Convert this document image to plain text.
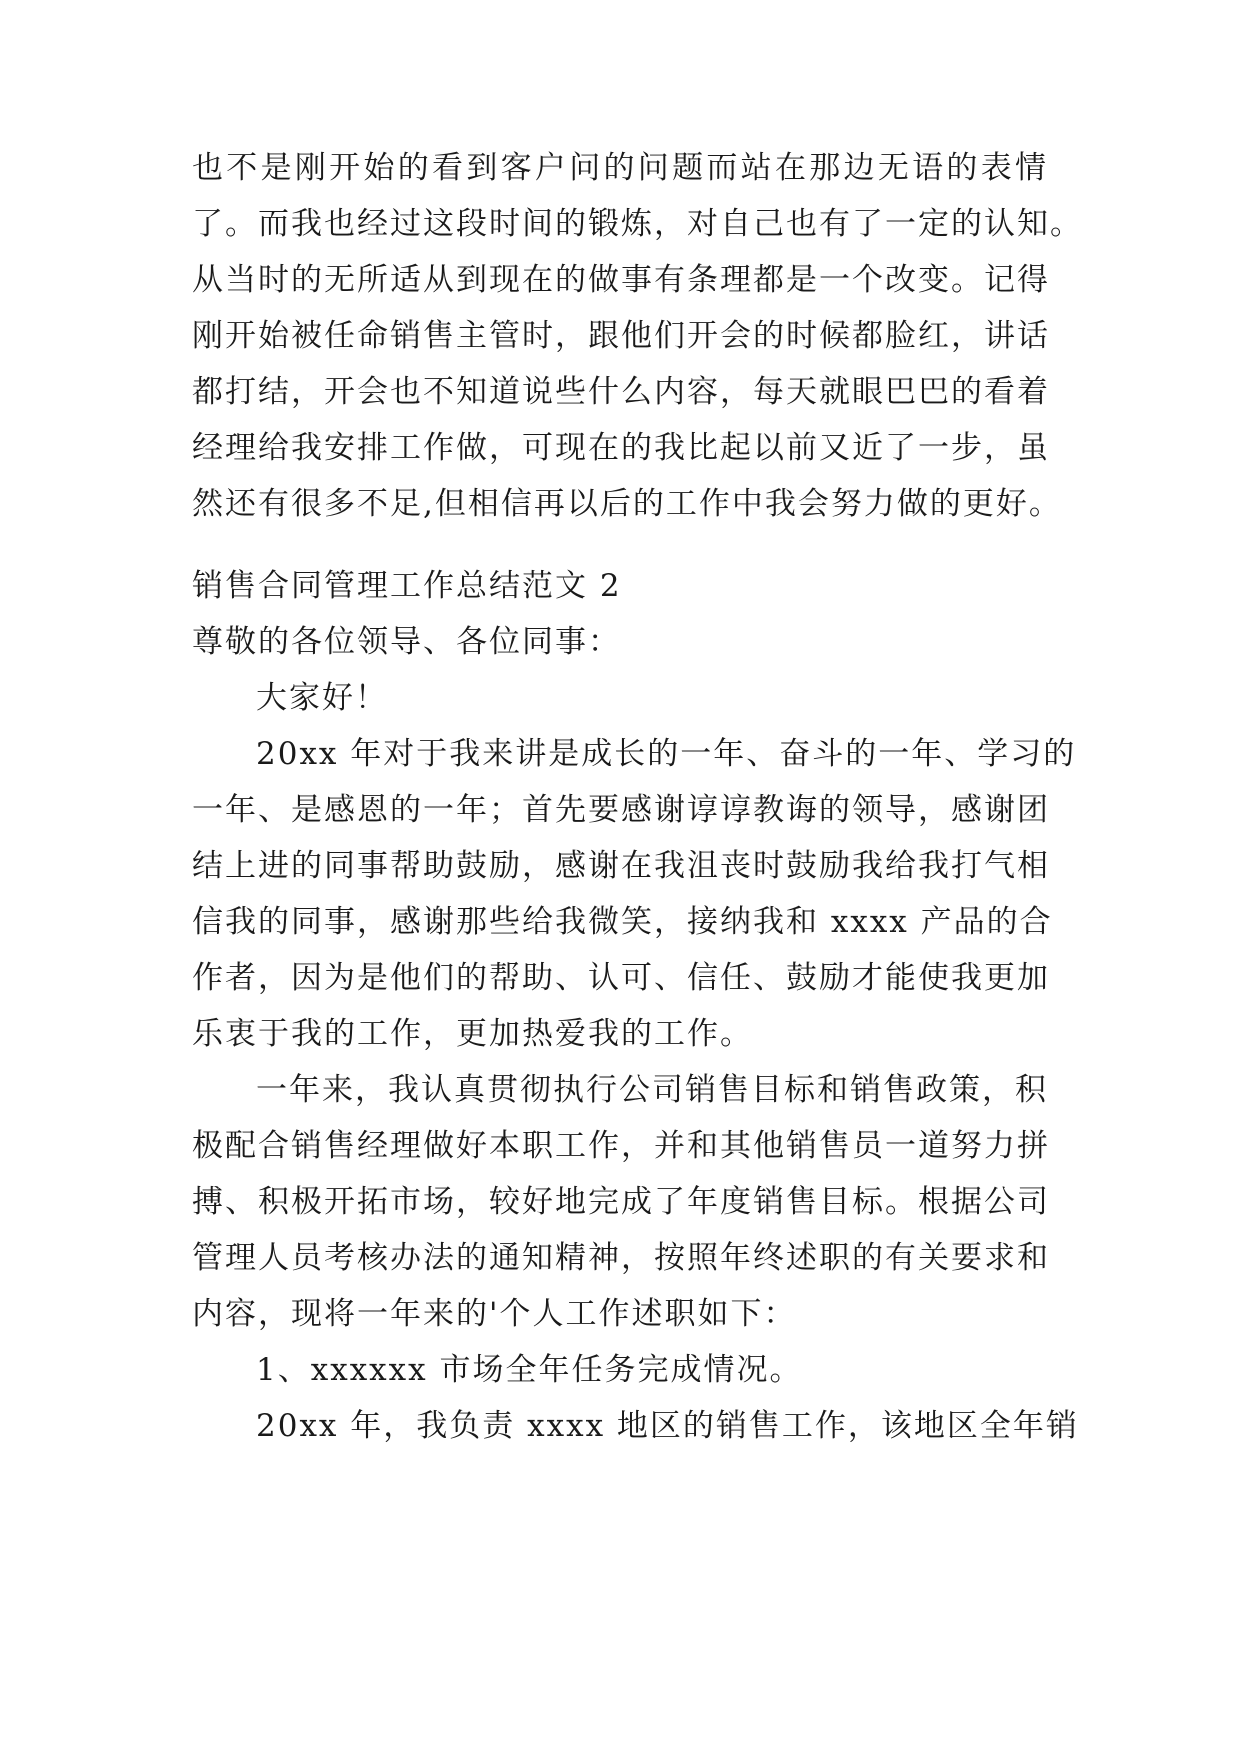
也不是刚开始的看到客户问的问题而站在那边无语的表情
了。而我也经过这段时间的锻炼，对自己也有了一定的认知。
从当时的无所适从到现在的做事有条理都是一个改变。记得
刚开始被任命销售主管时，跟他们开会的时候都脸红，讲话
都打结，开会也不知道说些什么内容，每天就眼巴巴的看着
经理给我安排工作做，可现在的我比起以前又近了一步，虽
然还有很多不足,但相信再以后的工作中我会努力做的更好。
销售合同管理工作总结范文 2
尊敬的各位领导、各位同事：
大家好！
20xx 年对于我来讲是成长的一年、奋斗的一年、学习的
一年、是感恩的一年；首先要感谢谆谆教诲的领导，感谢团
结上进的同事帮助鼓励，感谢在我沮丧时鼓励我给我打气相
信我的同事，感谢那些给我微笑，接纳我和 xxxx 产品的合
作者，因为是他们的帮助、认可、信任、鼓励才能使我更加
乐衷于我的工作，更加热爱我的工作。
一年来，我认真贯彻执行公司销售目标和销售政策，积
极配合销售经理做好本职工作，并和其他销售员一道努力拼
搏、积极开拓市场，较好地完成了年度销售目标。根据公司
管理人员考核办法的通知精神，按照年终述职的有关要求和
内容，现将一年来的'个人工作述职如下：
1、xxxxxx 市场全年任务完成情况。
20xx 年，我负责 xxxx 地区的销售工作，该地区全年销
